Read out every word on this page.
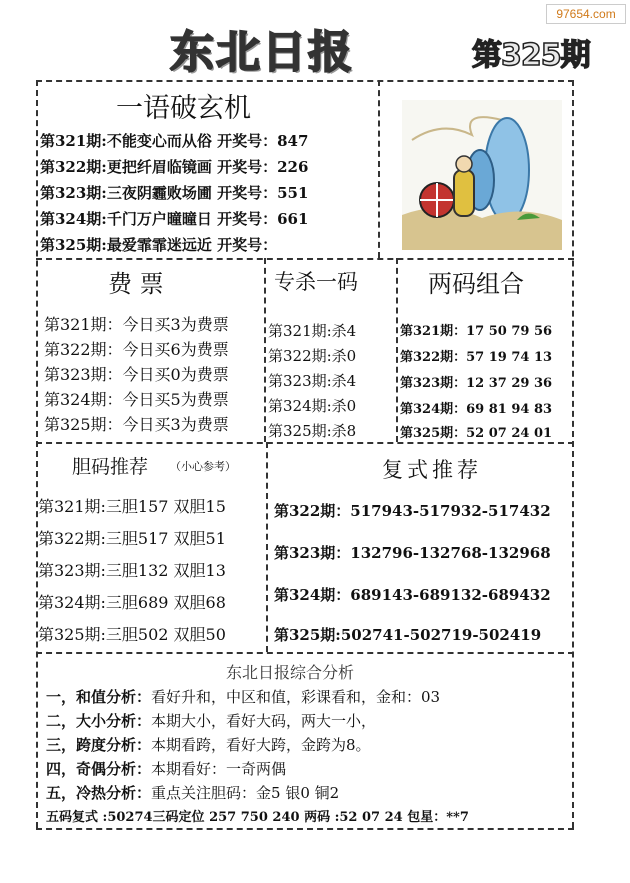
97654.com
东北日报	第325期
一语破玄机
第321期:不能变心而从俗 开奖号：847
第322期:更把纤眉临镜画 开奖号：226
第323期:三夜阴霾败场圃 开奖号：551
第324期:千门万户曈曈日 开奖号：661
第325期:最爱霏霏迷远近 开奖号：
费 票
第321期：今日买3为费票
第322期：今日买6为费票
第323期：今日买0为费票
第324期：今日买5为费票
第325期：今日买3为费票
专杀一码
第321期:杀4
第322期:杀0
第323期:杀4
第324期:杀0
第325期:杀8
两码组合
第321期：17 50 79 56
第322期：57 19 74 13
第323期：12 37 29 36
第324期：69 81 94 83
第325期：52 07 24 01
胆码推荐 （小心参考）
第321期:三胆157 双胆15
第322期:三胆517 双胆51
第323期:三胆132 双胆13
第324期:三胆689 双胆68
第325期:三胆502 双胆50
复式推荐
第322期：517943-517932-517432
第323期：132796-132768-132968
第324期：689143-689132-689432
第325期:502741-502719-502419
东北日报综合分析
一，和值分析：看好升和，中区和值，彩课看和，金和：03
二，大小分析：本期大小，看好大码，两大一小，
三，跨度分析：本期看跨，看好大跨，金跨为8。
四，奇偶分析：本期看好：一奇两偶
五，冷热分析：重点关注胆码：金5 银0 铜2
五码复式 :50274三码定位 257 750 240 两码 :52 07 24 包星：**7
